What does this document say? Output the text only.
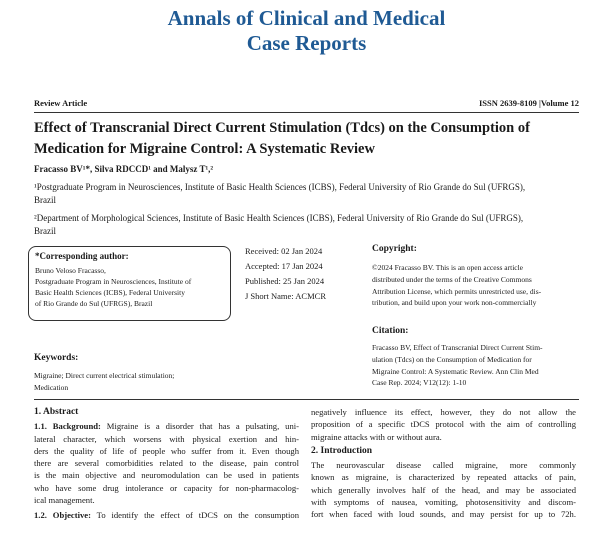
Annals of Clinical and Medical
Case Reports
Review Article	ISSN 2639-8109 |Volume 12
Effect of Transcranial Direct Current Stimulation (Tdcs) on the Consumption of
Medication for Migraine Control: A Systematic Review
Fracasso BV¹*, Silva RDCCD¹ and Malysz T¹,²
¹Postgraduate Program in Neurosciences, Institute of Basic Health Sciences (ICBS), Federal University of Rio Grande do Sul (UFRGS),
Brazil
²Department of Morphological Sciences, Institute of Basic Health Sciences (ICBS), Federal University of Rio Grande do Sul (UFRGS),
Brazil
*Corresponding author:
Bruno Veloso Fracasso,
Postgraduate Program in Neurosciences, Institute of
Basic Health Sciences (ICBS), Federal University
of Rio Grande do Sul (UFRGS), Brazil
Received: 02 Jan 2024
Accepted: 17 Jan 2024
Published: 25 Jan 2024
J Short Name: ACMCR
Copyright:
©2024 Fracasso BV. This is an open access article
distributed under the terms of the Creative Commons
Attribution License, which permits unrestricted use, dis-
tribution, and build upon your work non-commercially
Citation:
Fracasso BV, Effect of Transcranial Direct Current Stim-
ulation (Tdcs) on the Consumption of Medication for
Migraine Control: A Systematic Review. Ann Clin Med
Case Rep. 2024; V12(12): 1-10
Keywords:
Migraine; Direct current electrical stimulation;
Medication
1. Abstract
1.1. Background: Migraine is a disorder that has a pulsating, uni-
lateral character, which worsens with physical exertion and hin-
ders the quality of life of people who suffer from it. Even though
there are several comorbidities related to the disease, pain control
is the main objective and neuromodulation can be used in patients
who have some drug intolerance or capacity for non-pharmacolog-
ical management.
1.2. Objective: To identify the effect of tDCS on the consumption
negatively influence its effect, however, they do not allow the
proposition of a specific tDCS protocol with the aim of controlling
migraine attacks with or without aura.
2. Introduction
The neurovascular disease called migraine, more commonly
known as migraine, is characterized by repeated attacks of pain,
which generally involves half of the head, and may be associated
with symptoms of nausea, vomiting, photosensitivity and discom-
fort when faced with loud sounds, and may persist for up to 72h.
